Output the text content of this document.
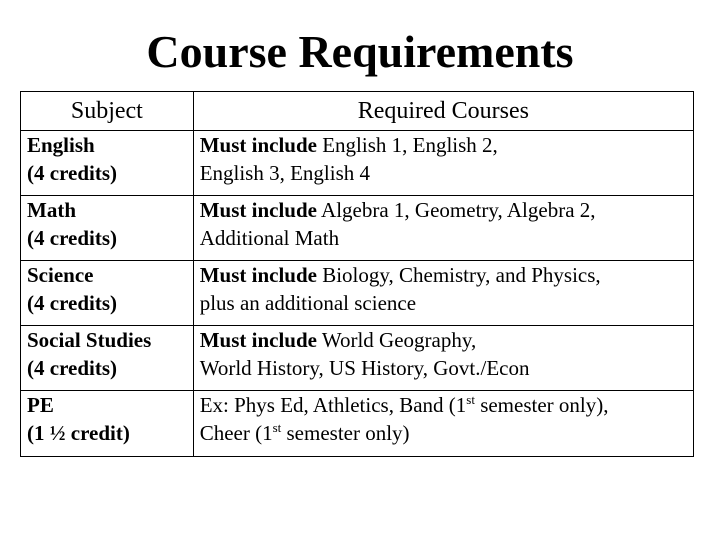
Course Requirements
Subject	Required Courses

English
(4 credits)	Must include English 1, English 2,
English 3, English 4

Math
(4 credits)	Must include Algebra 1, Geometry, Algebra 2,
Additional Math

Science
(4 credits)	Must include Biology, Chemistry, and Physics,
plus an additional science

Social Studies
(4 credits)	Must include World Geography,
World History, US History, Govt./Econ

PE
(1 ½ credit)	Ex: Phys Ed, Athletics, Band (1st semester only),
Cheer (1st semester only)
